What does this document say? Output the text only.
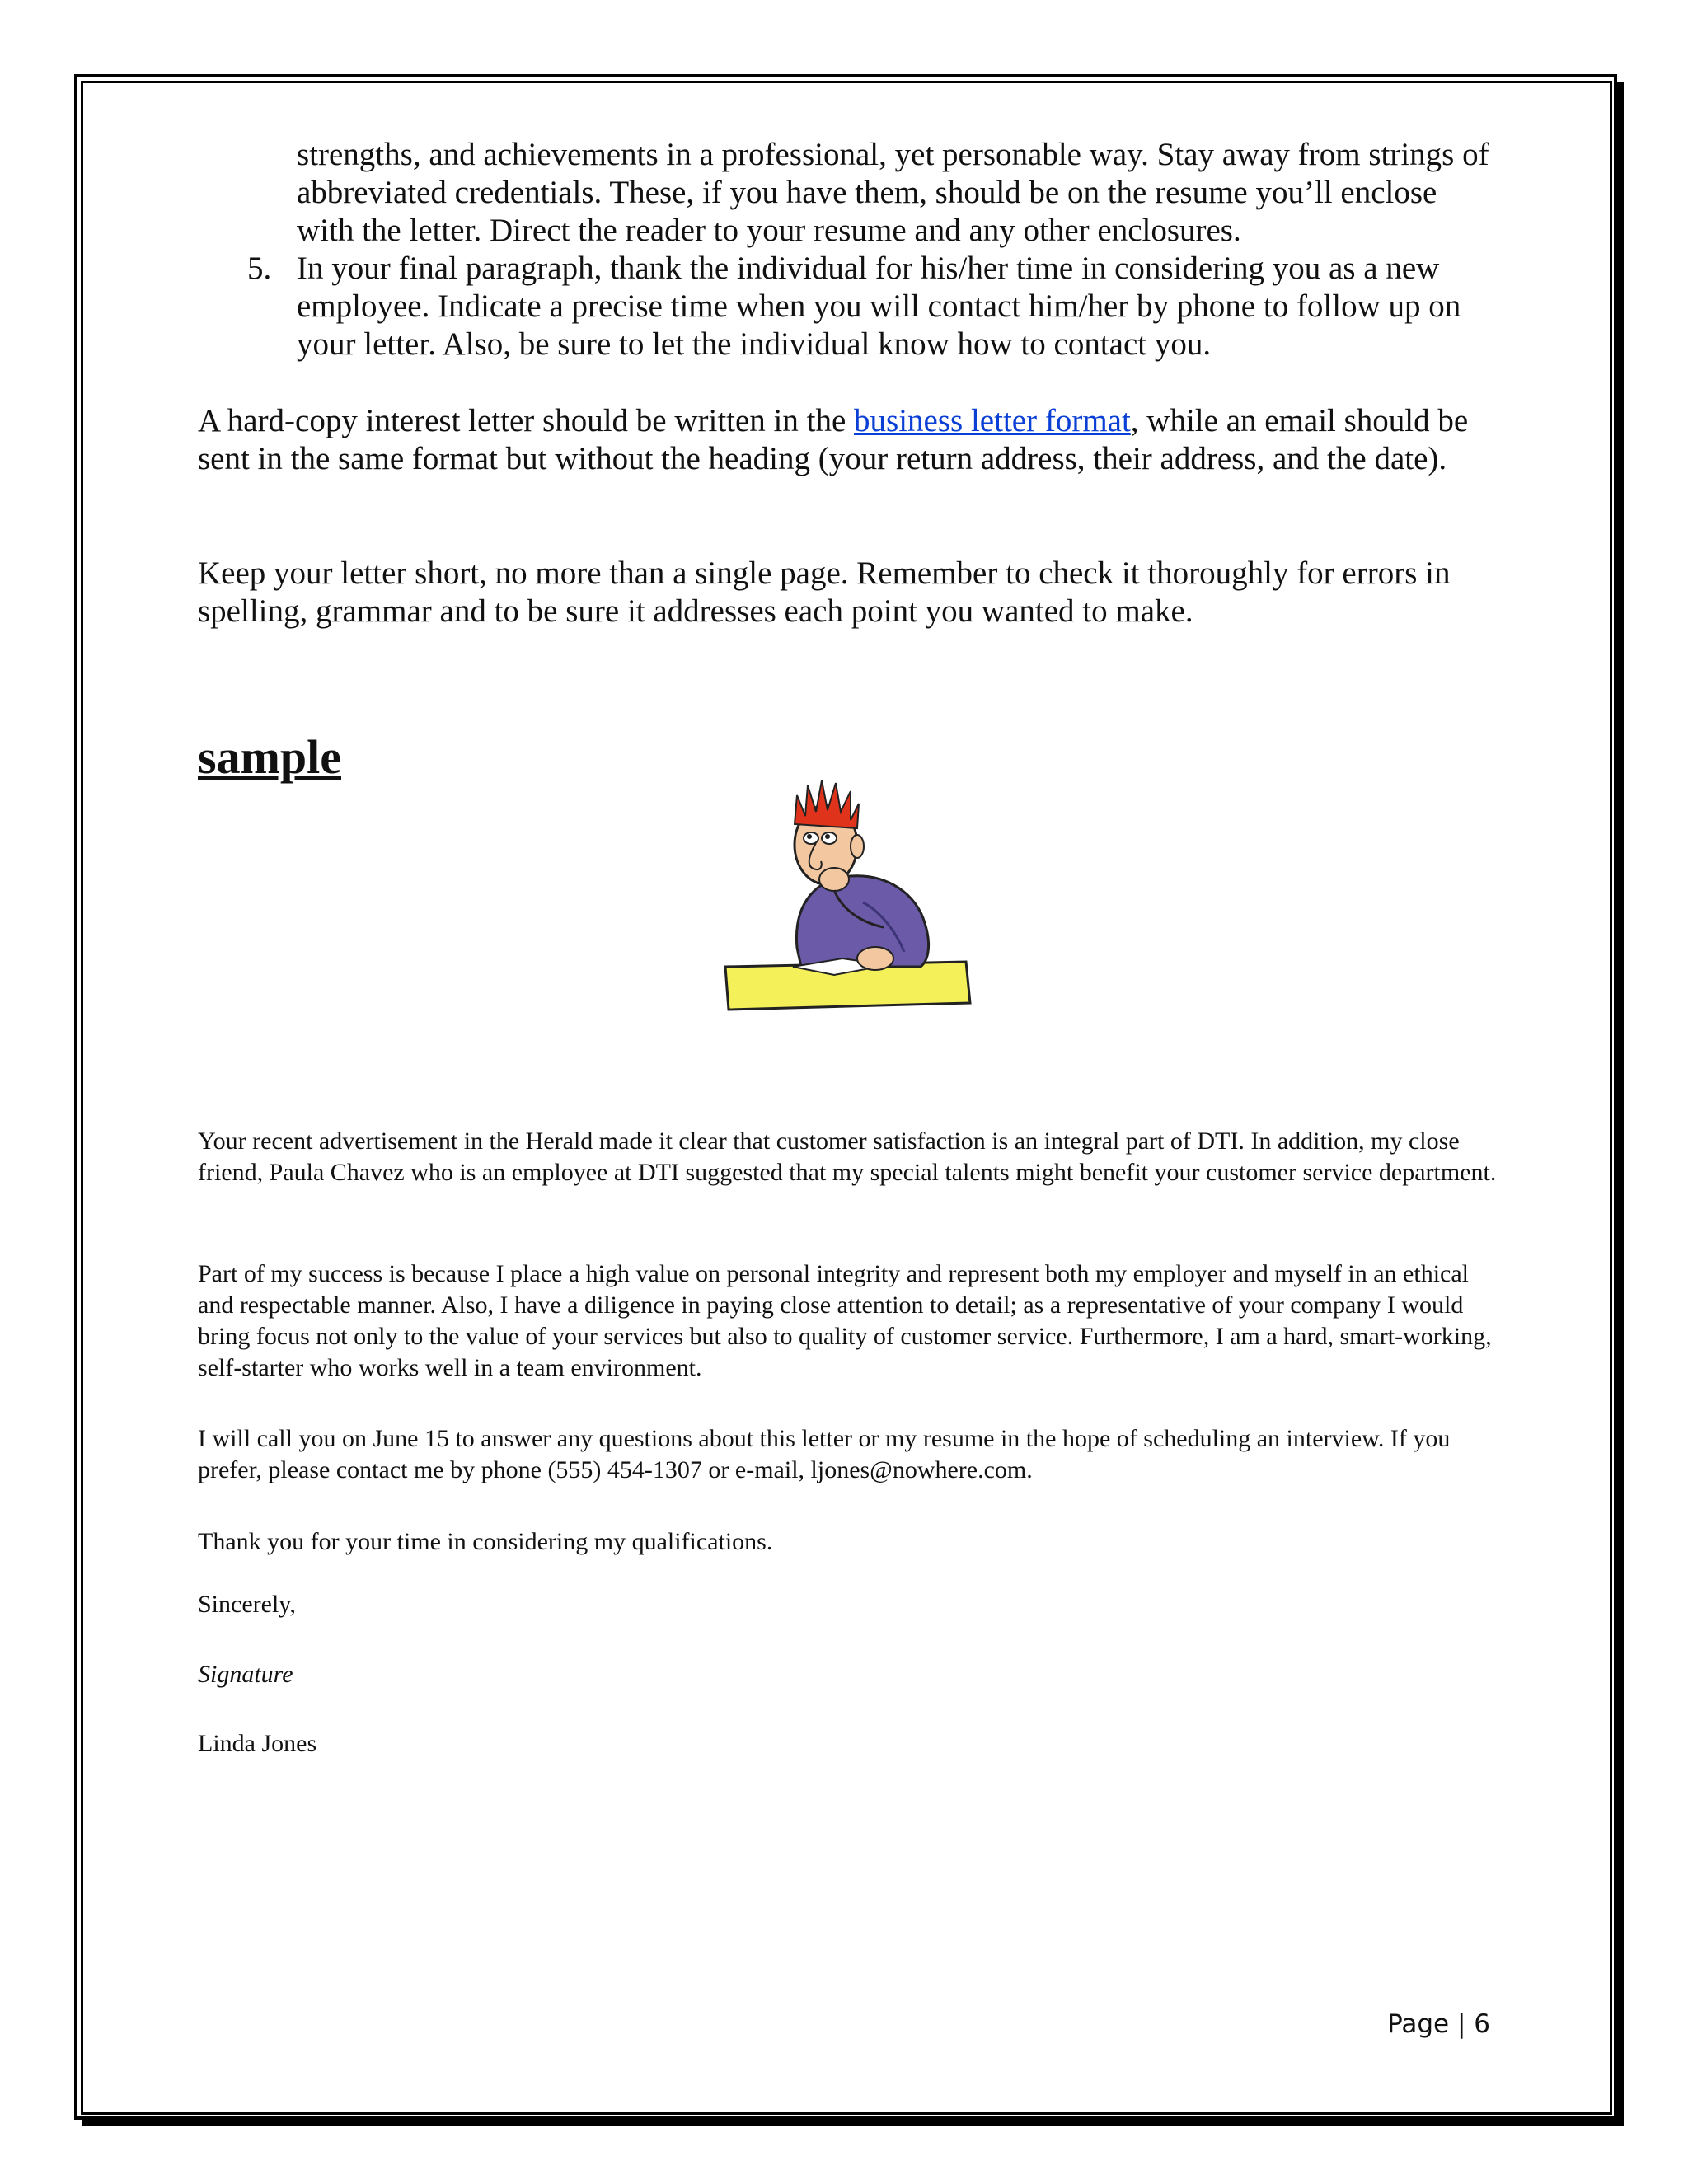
strengths, and achievements in a professional, yet personable way. Stay away from strings of abbreviated credentials. These, if you have them, should be on the resume you’ll enclose with the letter. Direct the reader to your resume and any other enclosures.
5. In your final paragraph, thank the individual for his/her time in considering you as a new employee. Indicate a precise time when you will contact him/her by phone to follow up on your letter. Also, be sure to let the individual know how to contact you.
A hard-copy interest letter should be written in the business letter format, while an email should be sent in the same format but without the heading (your return address, their address, and the date).
Keep your letter short, no more than a single page. Remember to check it thoroughly for errors in spelling, grammar and to be sure it addresses each point you wanted to make.
sample
Your recent advertisement in the Herald made it clear that customer satisfaction is an integral part of DTI. In addition, my close friend, Paula Chavez who is an employee at DTI suggested that my special talents might benefit your customer service department.
Part of my success is because I place a high value on personal integrity and represent both my employer and myself in an ethical and respectable manner. Also, I have a diligence in paying close attention to detail; as a representative of your company I would bring focus not only to the value of your services but also to quality of customer service. Furthermore, I am a hard, smart-working, self-starter who works well in a team environment.
I will call you on June 15 to answer any questions about this letter or my resume in the hope of scheduling an interview. If you prefer, please contact me by phone (555) 454-1307 or e-mail, ljones@nowhere.com.
Thank you for your time in considering my qualifications.
Sincerely,
Signature
Linda Jones
Page | 6
